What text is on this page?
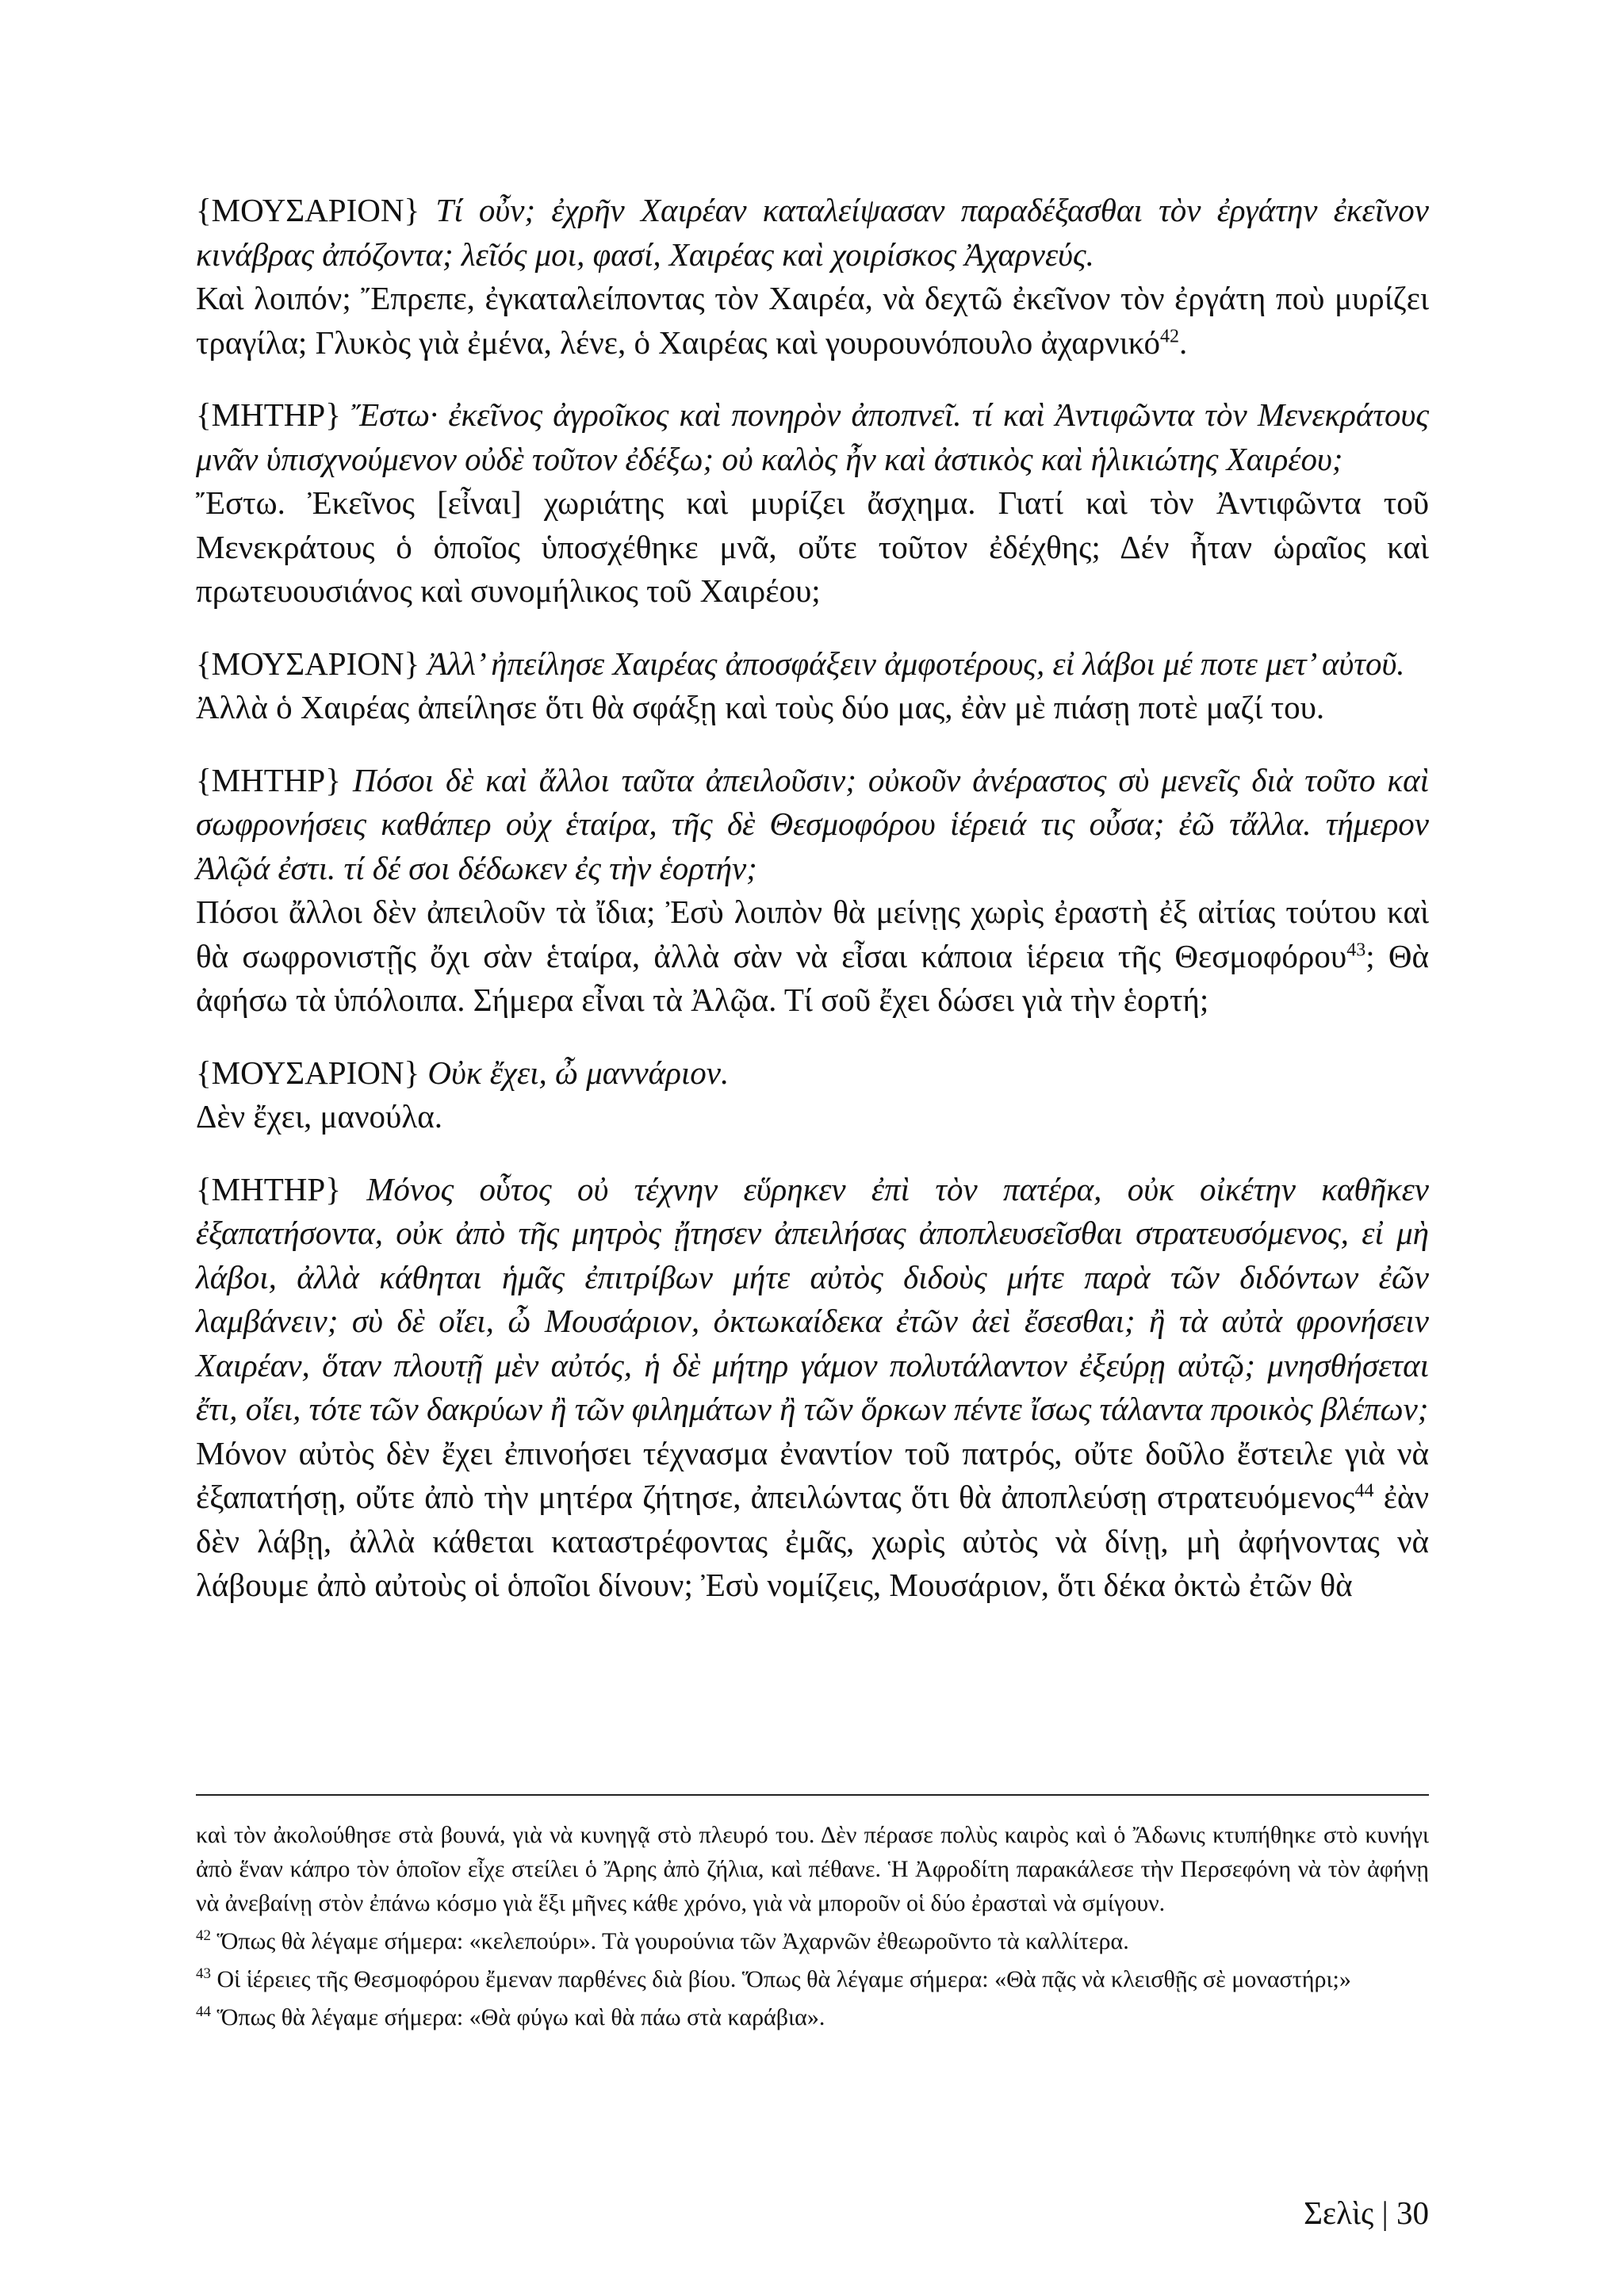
{ΜΟΥΣΑΡΙΟΝ} Τί οὖν; ἐχρῆν Χαιρέαν καταλείψασαν παραδέξασθαι τὸν ἐργάτην ἐκεῖνον κινάβρας ἀπόζοντα; λεῖός μοι, φασί, Χαιρέας καὶ χοιρίσκος Ἀχαρνεύς.

Καὶ λοιπόν; Ἔπρεπε, ἐγκαταλείποντας τὸν Χαιρέα, νὰ δεχτῶ ἐκεῖνον τὸν ἐργάτη ποὺ μυρίζει τραγίλα; Γλυκὸς γιὰ ἐμένα, λένε, ὁ Χαιρέας καὶ γουρουνόπουλο ἀχαρνικό$^{42}$.

{ΜΗΤΗΡ} Ἔστω· ἐκεῖνος ἀγροῖκος καὶ πονηρὸν ἀποπνεῖ. τί καὶ Ἀντιφῶντα τὸν Μενεκράτους μνᾶν ὑπισχνούμενον οὐδὲ τοῦτον ἐδέξω; οὐ καλὸς ἦν καὶ ἀστικὸς καὶ ἡλικιώτης Χαιρέου;

Ἔστω. Ἐκεῖνος [εἶναι] χωριάτης καὶ μυρίζει ἄσχημα. Γιατί καὶ τὸν Ἀντιφῶντα τοῦ Μενεκράτους ὁ ὁποῖος ὑποσχέθηκε μνᾶ, οὔτε τοῦτον ἐδέχθης; Δέν ἦταν ὡραῖος καὶ πρωτευουσιάνος καὶ συνομήλικος τοῦ Χαιρέου;

{ΜΟΥΣΑΡΙΟΝ} Ἀλλ’ ἠπείλησε Χαιρέας ἀποσφάξειν ἀμφοτέρους, εἰ λάβοι μέ ποτε μετ’ αὐτοῦ.

Ἀλλὰ ὁ Χαιρέας ἀπείλησε ὅτι θὰ σφάξῃ καὶ τοὺς δύο μας, ἐὰν μὲ πιάσῃ ποτὲ μαζί του.

{ΜΗΤΗΡ} Πόσοι δὲ καὶ ἄλλοι ταῦτα ἀπειλοῦσιν; οὐκοῦν ἀνέραστος σὺ μενεῖς διὰ τοῦτο καὶ σωφρονήσεις καθάπερ οὐχ ἑταίρα, τῆς δὲ Θεσμοφόρου ἱέρειά τις οὖσα; ἐῶ τἄλλα. τήμερον Ἀλῷά ἐστι. τί δέ σοι δέδωκεν ἐς τὴν ἑορτήν;

Πόσοι ἄλλοι δὲν ἀπειλοῦν τὰ ἴδια; Ἐσὺ λοιπὸν θὰ μείνῃς χωρὶς ἐραστὴ ἐξ αἰτίας τούτου καὶ θὰ σωφρονιστῇς ὄχι σὰν ἑταίρα, ἀλλὰ σὰν νὰ εἶσαι κάποια ἱέρεια τῆς Θεσμοφόρου$^{43}$; Θὰ ἀφήσω τὰ ὑπόλοιπα. Σήμερα εἶναι τὰ Ἀλῷα. Τί σοῦ ἔχει δώσει γιὰ τὴν ἑορτή;

{ΜΟΥΣΑΡΙΟΝ} Οὐκ ἔχει, ὦ μαννάριον.

Δὲν ἔχει, μανούλα.

{ΜΗΤΗΡ} Μόνος οὗτος οὐ τέχνην εὕρηκεν ἐπὶ τὸν πατέρα, οὐκ οἰκέτην καθῆκεν ἐξαπατήσοντα, οὐκ ἀπὸ τῆς μητρὸς ᾔτησεν ἀπειλήσας ἀποπλευσεῖσθαι στρατευσόμενος, εἰ μὴ λάβοι, ἀλλὰ κάθηται ἡμᾶς ἐπιτρίβων μήτε αὐτὸς διδοὺς μήτε παρὰ τῶν διδόντων ἐῶν λαμβάνειν; σὺ δὲ οἴει, ὦ Μουσάριον, ὀκτωκαίδεκα ἐτῶν ἀεὶ ἔσεσθαι; ἢ τὰ αὐτὰ φρονήσειν Χαιρέαν, ὅταν πλουτῇ μὲν αὐτός, ἡ δὲ μήτηρ γάμον πολυτάλαντον ἐξεύρῃ αὐτῷ; μνησθήσεται ἔτι, οἴει, τότε τῶν δακρύων ἢ τῶν φιλημάτων ἢ τῶν ὅρκων πέντε ἴσως τάλαντα προικὸς βλέπων;

Μόνον αὐτὸς δὲν ἔχει ἐπινοήσει τέχνασμα ἐναντίον τοῦ πατρός, οὔτε δοῦλο ἔστειλε γιὰ νὰ ἐξαπατήσῃ, οὔτε ἀπὸ τὴν μητέρα ζήτησε, ἀπειλώντας ὅτι θὰ ἀποπλεύσῃ στρατευόμενος$^{44}$ ἐὰν δὲν λάβῃ, ἀλλὰ κάθεται καταστρέφοντας ἐμᾶς, χωρὶς αὐτὸς νὰ δίνῃ, μὴ ἀφήνοντας νὰ λάβουμε ἀπὸ αὐτοὺς οἱ ὁποῖοι δίνουν; Ἐσὺ νομίζεις, Μουσάριον, ὅτι δέκα ὀκτὼ ἐτῶν θὰ

καὶ τὸν ἀκολούθησε στὰ βουνά, γιὰ νὰ κυνηγᾷ στὸ πλευρό του. Δὲν πέρασε πολὺς καιρὸς καὶ ὁ Ἄδωνις κτυπήθηκε στὸ κυνήγι ἀπὸ ἕναν κάπρο τὸν ὁποῖον εἶχε στείλει ὁ Ἄρης ἀπὸ ζήλια, καὶ πέθανε. Ἡ Ἀφροδίτη παρακάλεσε τὴν Περσεφόνη νὰ τὸν ἀφήνῃ νὰ ἀνεβαίνῃ στὸν ἐπάνω κόσμο γιὰ ἕξι μῆνες κάθε χρόνο, γιὰ νὰ μποροῦν οἱ δύο ἐρασταὶ νὰ σμίγουν.

$^{42}$ Ὅπως θὰ λέγαμε σήμερα: «κελεπούρι». Τὰ γουρούνια τῶν Ἀχαρνῶν ἐθεωροῦντο τὰ καλλίτερα.

$^{43}$ Οἱ ἱέρειες τῆς Θεσμοφόρου ἔμεναν παρθένες διὰ βίου. Ὅπως θὰ λέγαμε σήμερα: «Θὰ πᾷς νὰ κλεισθῇς σὲ μοναστήρι;»

$^{44}$ Ὅπως θὰ λέγαμε σήμερα: «Θὰ φύγω καὶ θὰ πάω στὰ καράβια».

Σελὶς | 30
